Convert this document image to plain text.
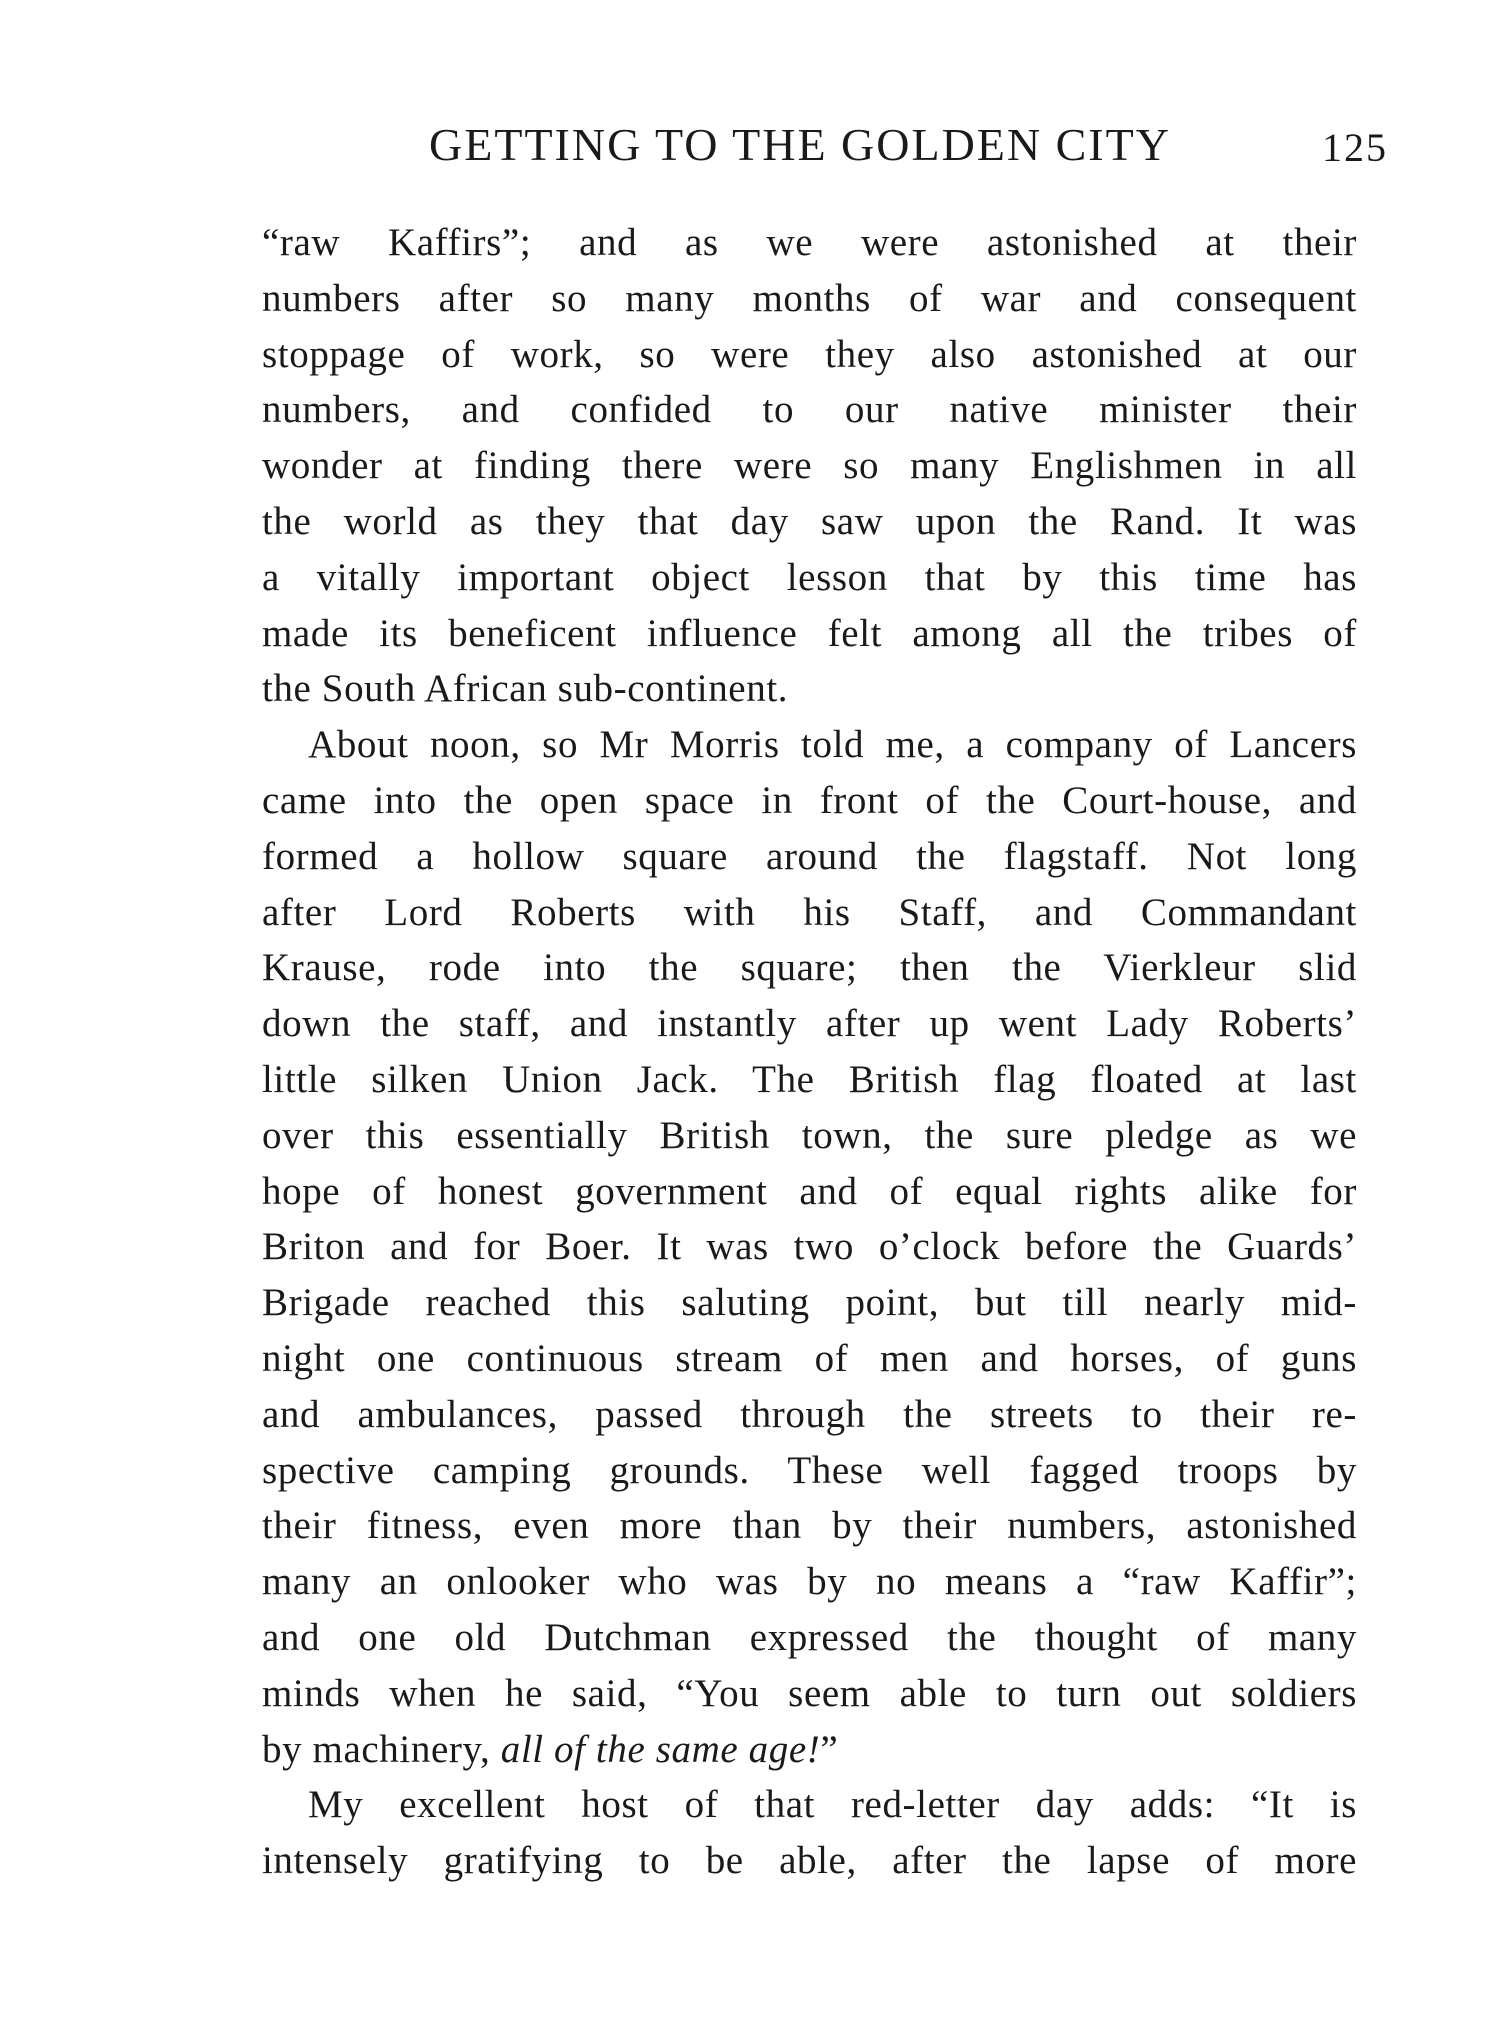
GETTING TO THE GOLDEN CITY	125
“raw Kaffirs”; and as we were astonished at their
numbers after so many months of war and consequent
stoppage of work, so were they also astonished at our
numbers, and confided to our native minister their
wonder at finding there were so many Englishmen in all
the world as they that day saw upon the Rand. It was
a vitally important object lesson that by this time has
made its beneficent influence felt among all the tribes of
the South African sub-continent.
About noon, so Mr Morris told me, a company of Lancers
came into the open space in front of the Court-house, and
formed a hollow square around the flagstaff. Not long
after Lord Roberts with his Staff, and Commandant
Krause, rode into the square; then the Vierkleur slid
down the staff, and instantly after up went Lady Roberts’
little silken Union Jack. The British flag floated at last
over this essentially British town, the sure pledge as we
hope of honest government and of equal rights alike for
Briton and for Boer. It was two o’clock before the Guards’
Brigade reached this saluting point, but till nearly mid-
night one continuous stream of men and horses, of guns
and ambulances, passed through the streets to their re-
spective camping grounds. These well fagged troops by
their fitness, even more than by their numbers, astonished
many an onlooker who was by no means a “raw Kaffir”;
and one old Dutchman expressed the thought of many
minds when he said, “You seem able to turn out soldiers
by machinery, all of the same age!”
My excellent host of that red-letter day adds: “It is
intensely gratifying to be able, after the lapse of more
